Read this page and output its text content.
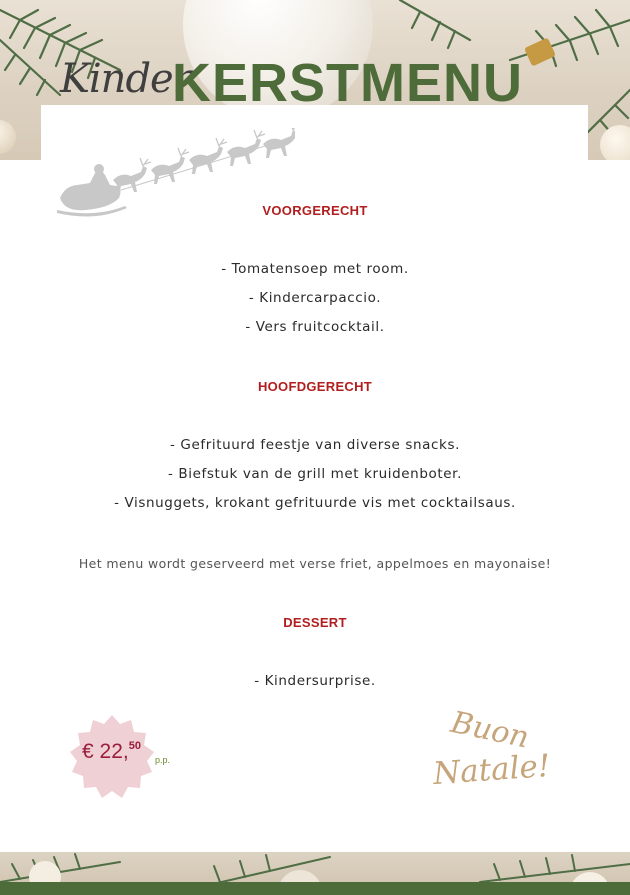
Kinder
KERSTMENU
VOORGERECHT
- Tomatensoep met room.
- Kindercarpaccio.
- Vers fruitcocktail.
HOOFDGERECHT
- Gefrituurd feestje van diverse snacks.
- Biefstuk van de grill met kruidenboter.
- Visnuggets, krokant gefrituurde vis met cocktailsaus.
Het menu wordt geserveerd met verse friet, appelmoes en mayonaise!
DESSERT
- Kindersurprise.
€ 22,50
p.p.
Buon
Natale!
